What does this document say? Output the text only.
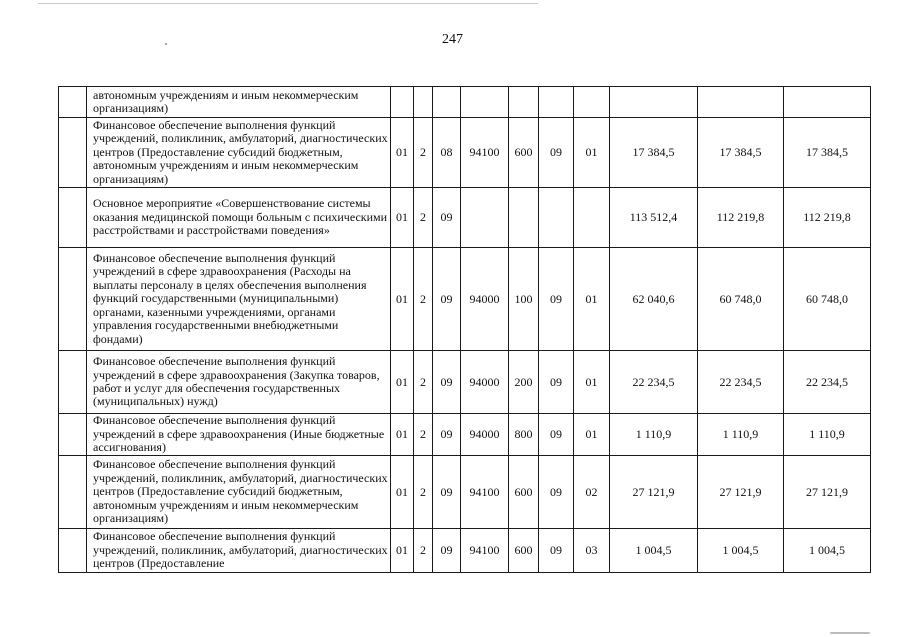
247
	автономным учреждениям и иным некоммерческим организациям)										
	Финансовое обеспечение выполнения функций учреждений, поликлиник, амбулаторий, диагностических центров (Предоставление субсидий бюджетным, автономным учреждениям и иным некоммерческим организациям)	01	2	08	94100	600	09	01	17 384,5	17 384,5	17 384,5
	Основное мероприятие «Совершенствование системы оказания медицинской помощи больным с психическими расстройствами и расстройствами поведения»	01	2	09					113 512,4	112 219,8	112 219,8
	Финансовое обеспечение выполнения функций учреждений в сфере здравоохранения (Расходы на выплаты персоналу в целях обеспечения выполнения функций государственными (муниципальными) органами, казенными учреждениями, органами управления государственными внебюджетными фондами)	01	2	09	94000	100	09	01	62 040,6	60 748,0	60 748,0
	Финансовое обеспечение выполнения функций учреждений в сфере здравоохранения (Закупка товаров, работ и услуг для обеспечения государственных (муниципальных) нужд)	01	2	09	94000	200	09	01	22 234,5	22 234,5	22 234,5
	Финансовое обеспечение выполнения функций учреждений в сфере здравоохранения (Иные бюджетные ассигнования)	01	2	09	94000	800	09	01	1 110,9	1 110,9	1 110,9
	Финансовое обеспечение выполнения функций учреждений, поликлиник, амбулаторий, диагностических центров (Предоставление субсидий бюджетным, автономным учреждениям и иным некоммерческим организациям)	01	2	09	94100	600	09	02	27 121,9	27 121,9	27 121,9
	Финансовое обеспечение выполнения функций учреждений, поликлиник, амбулаторий, диагностических центров (Предоставление	01	2	09	94100	600	09	03	1 004,5	1 004,5	1 004,5
